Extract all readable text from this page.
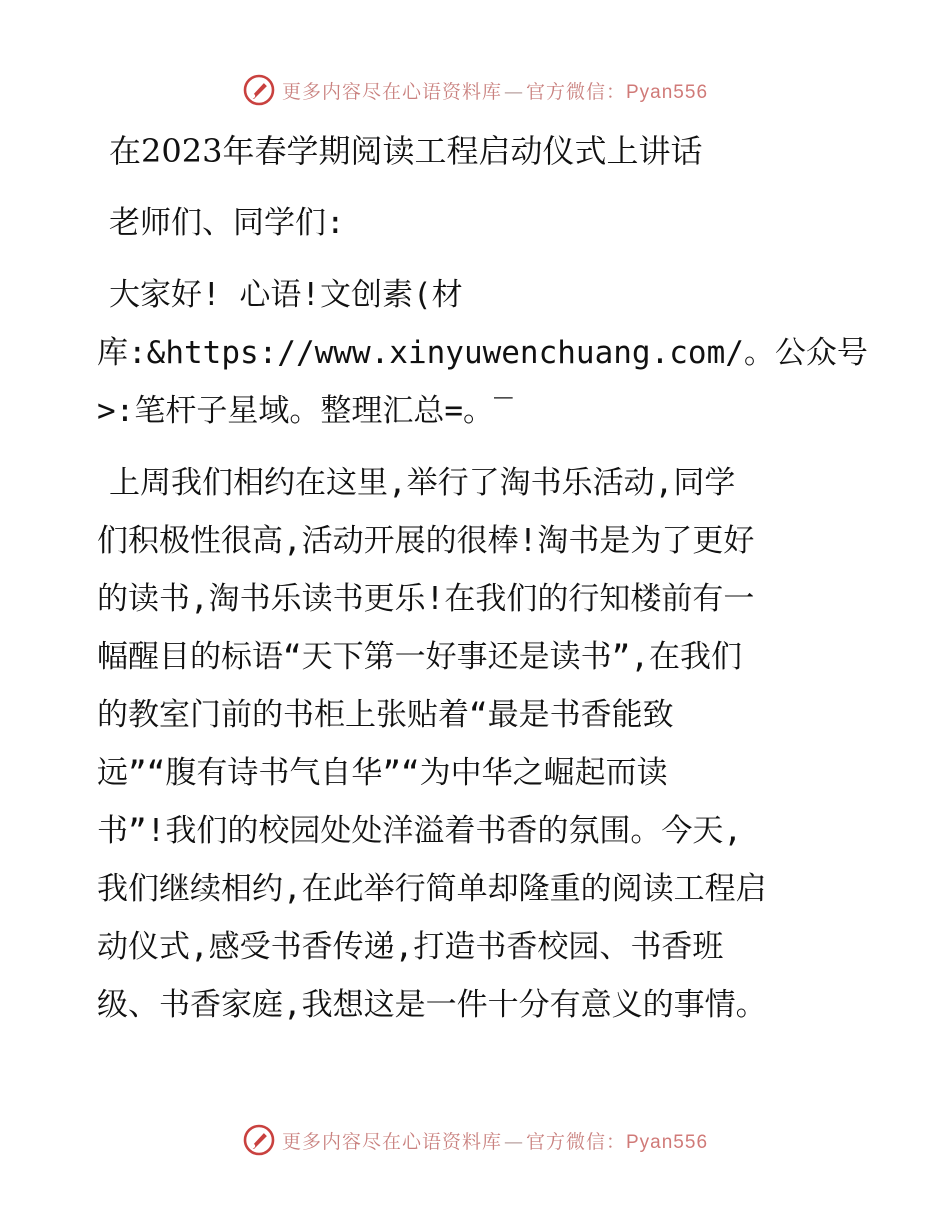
更多内容尽在心语资料库 — 官方微信：Pyan556
在2023年春学期阅读工程启动仪式上讲话
老师们、同学们:
大家好! 心语!文创素(材
库:&https://www.xinyuwenchuang.com/。公众号
>:笔杆子星域。整理汇总=。‾
上周我们相约在这里,举行了淘书乐活动,同学
们积极性很高,活动开展的很棒!淘书是为了更好
的读书,淘书乐读书更乐!在我们的行知楼前有一
幅醒目的标语“天下第一好事还是读书”,在我们
的教室门前的书柜上张贴着“最是书香能致
远”“腹有诗书气自华”“为中华之崛起而读
书”!我们的校园处处洋溢着书香的氛围。今天,
我们继续相约,在此举行简单却隆重的阅读工程启
动仪式,感受书香传递,打造书香校园、书香班
级、书香家庭,我想这是一件十分有意义的事情。
更多内容尽在心语资料库 — 官方微信：Pyan556
